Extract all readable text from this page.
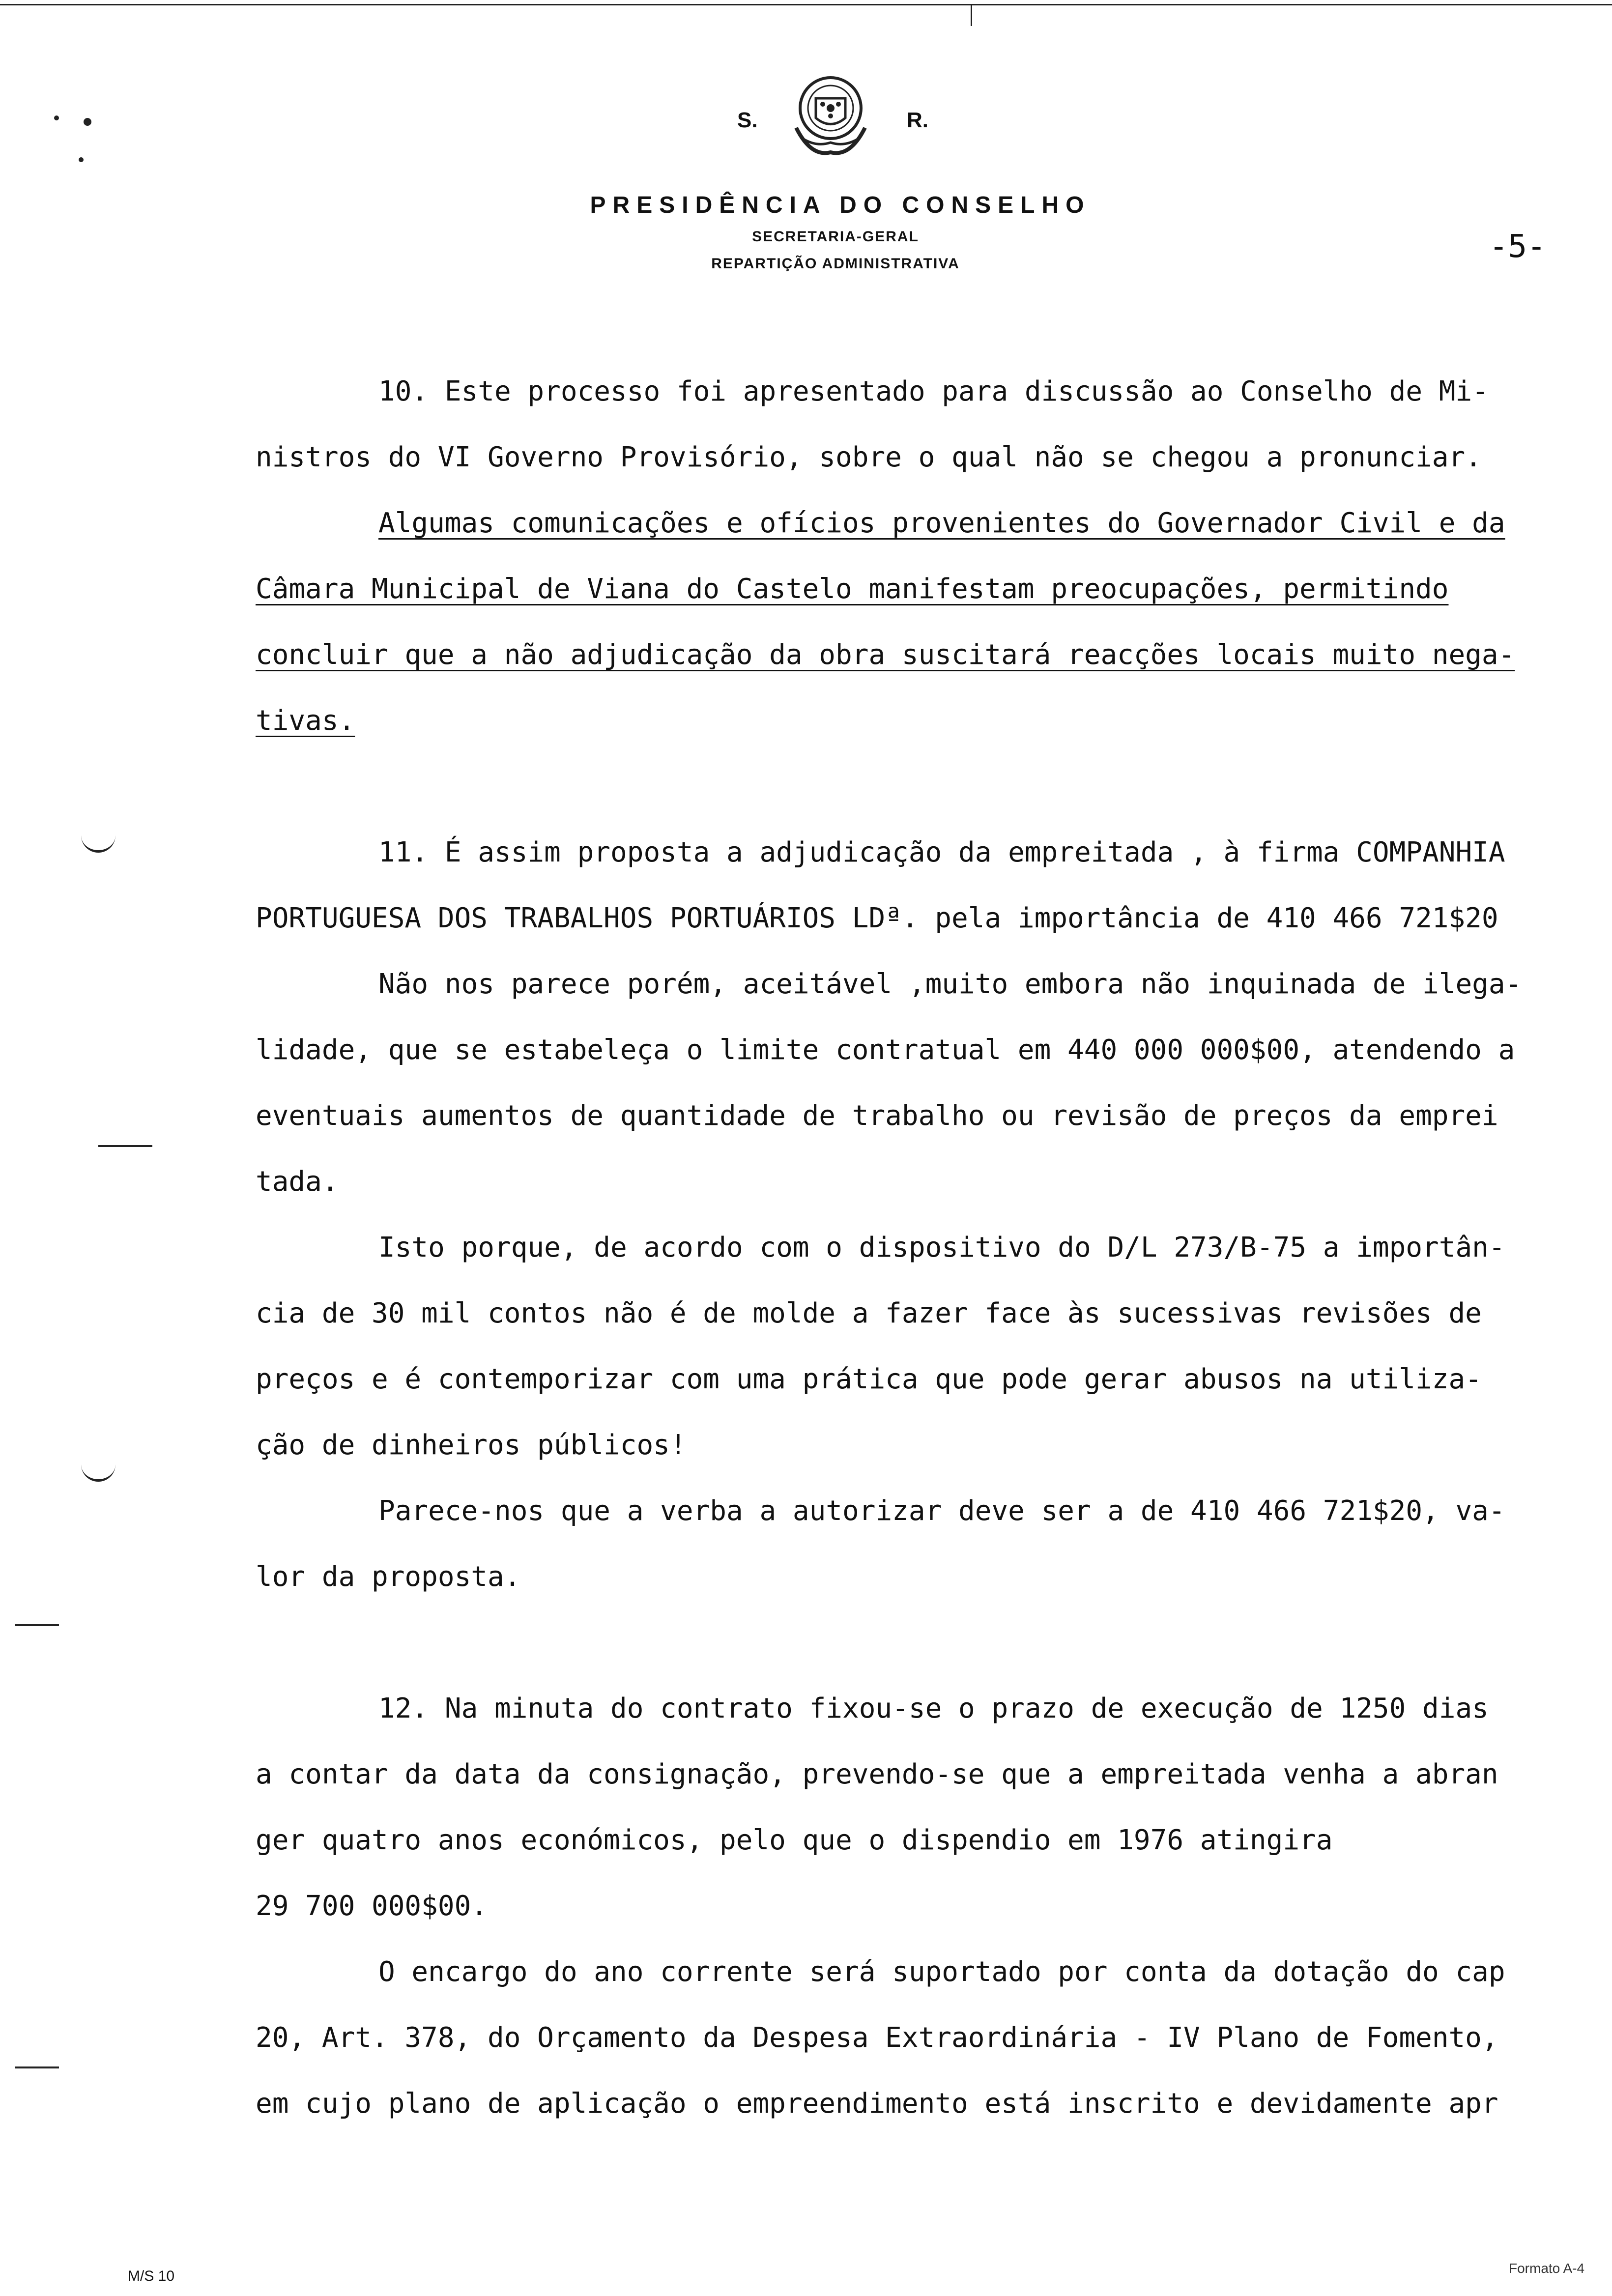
S.	R.
PRESIDÊNCIA DO CONSELHO
SECRETARIA-GERAL
REPARTIÇÃO ADMINISTRATIVA	-5-

10. Este processo foi apresentado para discussão ao Conselho de Mi-

nistros do VI Governo Provisório, sobre o qual não se chegou a pronunciar.

Algumas comunicações e ofícios provenientes do Governador Civil e da

Câmara Municipal de Viana do Castelo manifestam preocupações, permitindo

concluir que a não adjudicação da obra suscitará reacções locais muito nega-

tivas.

11. É assim proposta a adjudicação da empreitada , à firma COMPANHIA

PORTUGUESA DOS TRABALHOS PORTUÁRIOS LDª. pela importância de 410 466 721$20

Não nos parece porém, aceitável ,muito embora não inquinada de ilega-

lidade, que se estabeleça o limite contratual em 440 000 000$00, atendendo a

eventuais aumentos de quantidade de trabalho ou revisão de preços da emprei

tada.

Isto porque, de acordo com o dispositivo do D/L 273/B-75 a importân-

cia de 30 mil contos não é de molde a fazer face às sucessivas revisões de

preços e é contemporizar com uma prática que pode gerar abusos na utiliza-

ção de dinheiros públicos!

Parece-nos que a verba a autorizar deve ser a de 410 466 721$20, va-

lor da proposta.

12. Na minuta do contrato fixou-se o prazo de execução de 1250 dias

a contar da data da consignação, prevendo-se que a empreitada venha a abran

ger quatro anos económicos, pelo que o dispendio em 1976 atingira

29 700 000$00.

O encargo do ano corrente será suportado por conta da dotação do cap

20, Art. 378, do Orçamento da Despesa Extraordinária - IV Plano de Fomento,

em cujo plano de aplicação o empreendimento está inscrito e devidamente apr

M/S 10	Formato A-4
